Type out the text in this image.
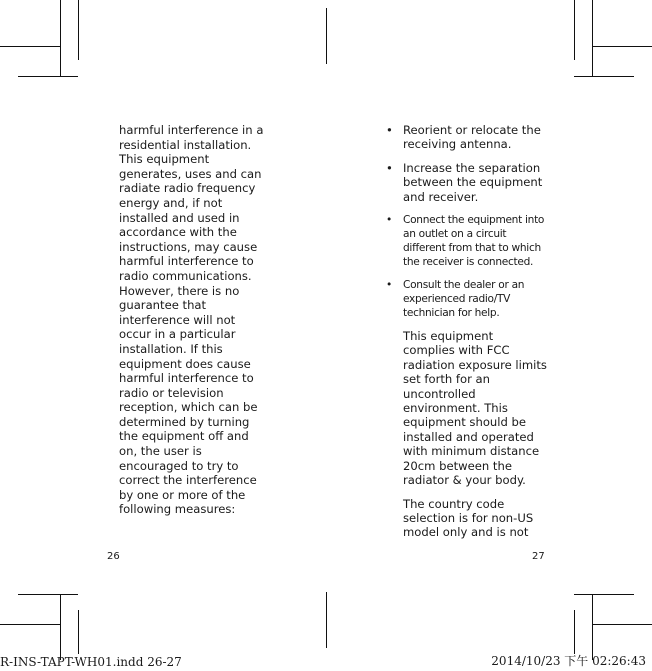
harmful interference in a residential installation. This equipment generates, uses and can radiate radio frequency energy and, if not installed and used in accordance with the instructions, may cause harmful interference to radio communications. However, there is no guarantee that interference will not occur in a particular installation. If this equipment does cause harmful interference to radio or television reception, which can be determined by turning the equipment off and on, the user is encouraged to try to correct the interference by one or more of the following measures:

• Reorient or relocate the receiving antenna.
• Increase the separation between the equipment and receiver.
• Connect the equipment into an outlet on a circuit different from that to which the receiver is connected.
• Consult the dealer or an experienced radio/TV technician for help.

This equipment complies with FCC radiation exposure limits set forth for an uncontrolled environment. This equipment should be installed and operated with minimum distance 20cm between the radiator & your body.

The country code selection is for non-US model only and is not

26	27
R-INS-TAPT-WH01.indd 26-27	2014/10/23 下午 02:26:43
